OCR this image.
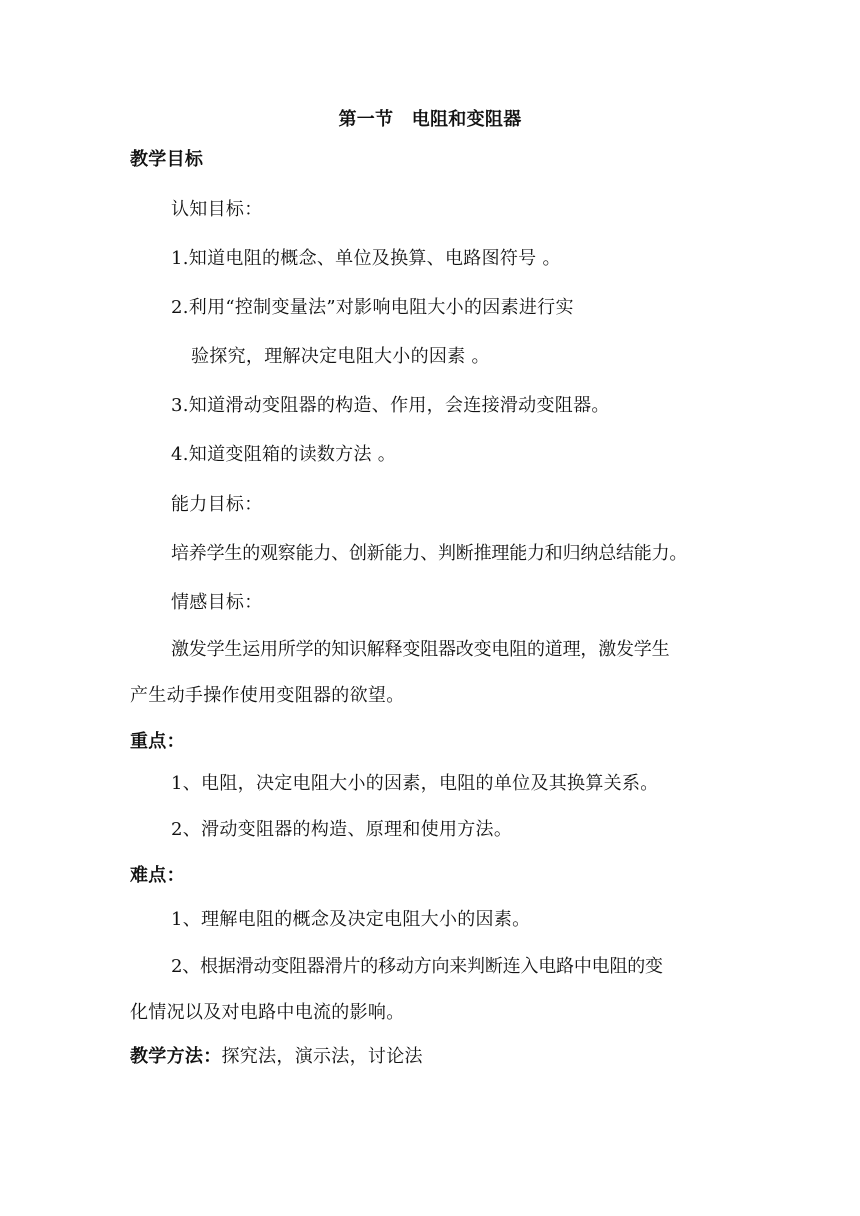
第一节　电阻和变阻器
教学目标
认知目标：
1.知道电阻的概念、单位及换算、电路图符号 。
2.利用“控制变量法”对影响电阻大小的因素进行实
验探究，理解决定电阻大小的因素 。
3.知道滑动变阻器的构造、作用，会连接滑动变阻器。
4.知道变阻箱的读数方法 。
能力目标：
培养学生的观察能力、创新能力、判断推理能力和归纳总结能力。
情感目标：
激发学生运用所学的知识解释变阻器改变电阻的道理，激发学生
产生动手操作使用变阻器的欲望。
重点：
1、电阻，决定电阻大小的因素，电阻的单位及其换算关系。
2、滑动变阻器的构造、原理和使用方法。
难点：
1、理解电阻的概念及决定电阻大小的因素。
2、根据滑动变阻器滑片的移动方向来判断连入电路中电阻的变
化情况以及对电路中电流的影响。
教学方法：探究法，演示法，讨论法
